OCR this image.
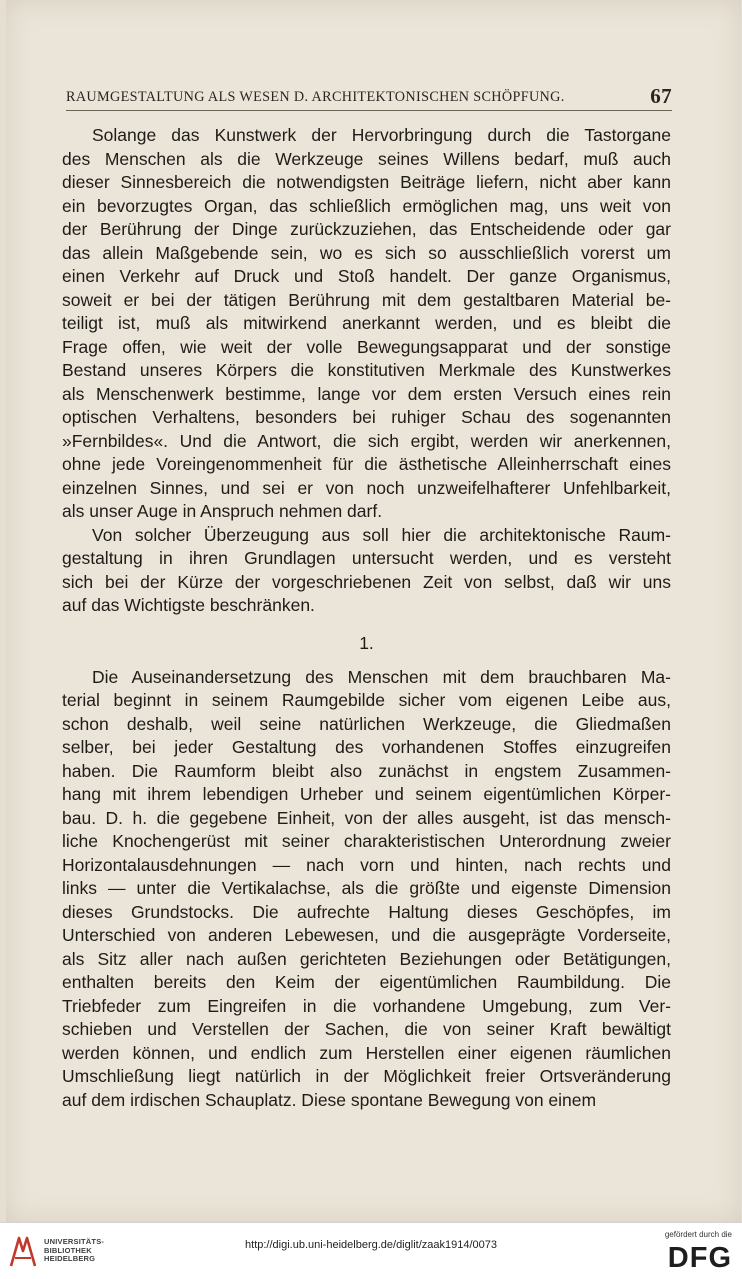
RAUMGESTALTUNG ALS WESEN D. ARCHITEKTONISCHEN SCHÖPFUNG.	67
Solange das Kunstwerk der Hervorbringung durch die Tastorgane
des Menschen als die Werkzeuge seines Willens bedarf, muß auch
dieser Sinnesbereich die notwendigsten Beiträge liefern, nicht aber kann
ein bevorzugtes Organ, das schließlich ermöglichen mag, uns weit von
der Berührung der Dinge zurückzuziehen, das Entscheidende oder gar
das allein Maßgebende sein, wo es sich so ausschließlich vorerst um
einen Verkehr auf Druck und Stoß handelt. Der ganze Organismus,
soweit er bei der tätigen Berührung mit dem gestaltbaren Material be-
teiligt ist, muß als mitwirkend anerkannt werden, und es bleibt die
Frage offen, wie weit der volle Bewegungsapparat und der sonstige
Bestand unseres Körpers die konstitutiven Merkmale des Kunstwerkes
als Menschenwerk bestimme, lange vor dem ersten Versuch eines rein
optischen Verhaltens, besonders bei ruhiger Schau des sogenannten
»Fernbildes«. Und die Antwort, die sich ergibt, werden wir anerkennen,
ohne jede Voreingenommenheit für die ästhetische Alleinherrschaft eines
einzelnen Sinnes, und sei er von noch unzweifelhafterer Unfehlbarkeit,
als unser Auge in Anspruch nehmen darf.
Von solcher Überzeugung aus soll hier die architektonische Raum-
gestaltung in ihren Grundlagen untersucht werden, und es versteht
sich bei der Kürze der vorgeschriebenen Zeit von selbst, daß wir uns
auf das Wichtigste beschränken.
1.
Die Auseinandersetzung des Menschen mit dem brauchbaren Ma-
terial beginnt in seinem Raumgebilde sicher vom eigenen Leibe aus,
schon deshalb, weil seine natürlichen Werkzeuge, die Gliedmaßen
selber, bei jeder Gestaltung des vorhandenen Stoffes einzugreifen
haben. Die Raumform bleibt also zunächst in engstem Zusammen-
hang mit ihrem lebendigen Urheber und seinem eigentümlichen Körper-
bau. D. h. die gegebene Einheit, von der alles ausgeht, ist das mensch-
liche Knochengerüst mit seiner charakteristischen Unterordnung zweier
Horizontalausdehnungen — nach vorn und hinten, nach rechts und
links — unter die Vertikalachse, als die größte und eigenste Dimension
dieses Grundstocks. Die aufrechte Haltung dieses Geschöpfes, im
Unterschied von anderen Lebewesen, und die ausgeprägte Vorderseite,
als Sitz aller nach außen gerichteten Beziehungen oder Betätigungen,
enthalten bereits den Keim der eigentümlichen Raumbildung. Die
Triebfeder zum Eingreifen in die vorhandene Umgebung, zum Ver-
schieben und Verstellen der Sachen, die von seiner Kraft bewältigt
werden können, und endlich zum Herstellen einer eigenen räumlichen
Umschließung liegt natürlich in der Möglichkeit freier Ortsveränderung
auf dem irdischen Schauplatz. Diese spontane Bewegung von einem
UNIVERSITÄTS-
BIBLIOTHEK
HEIDELBERG
http://digi.ub.uni-heidelberg.de/diglit/zaak1914/0073
gefördert durch die
DFG
